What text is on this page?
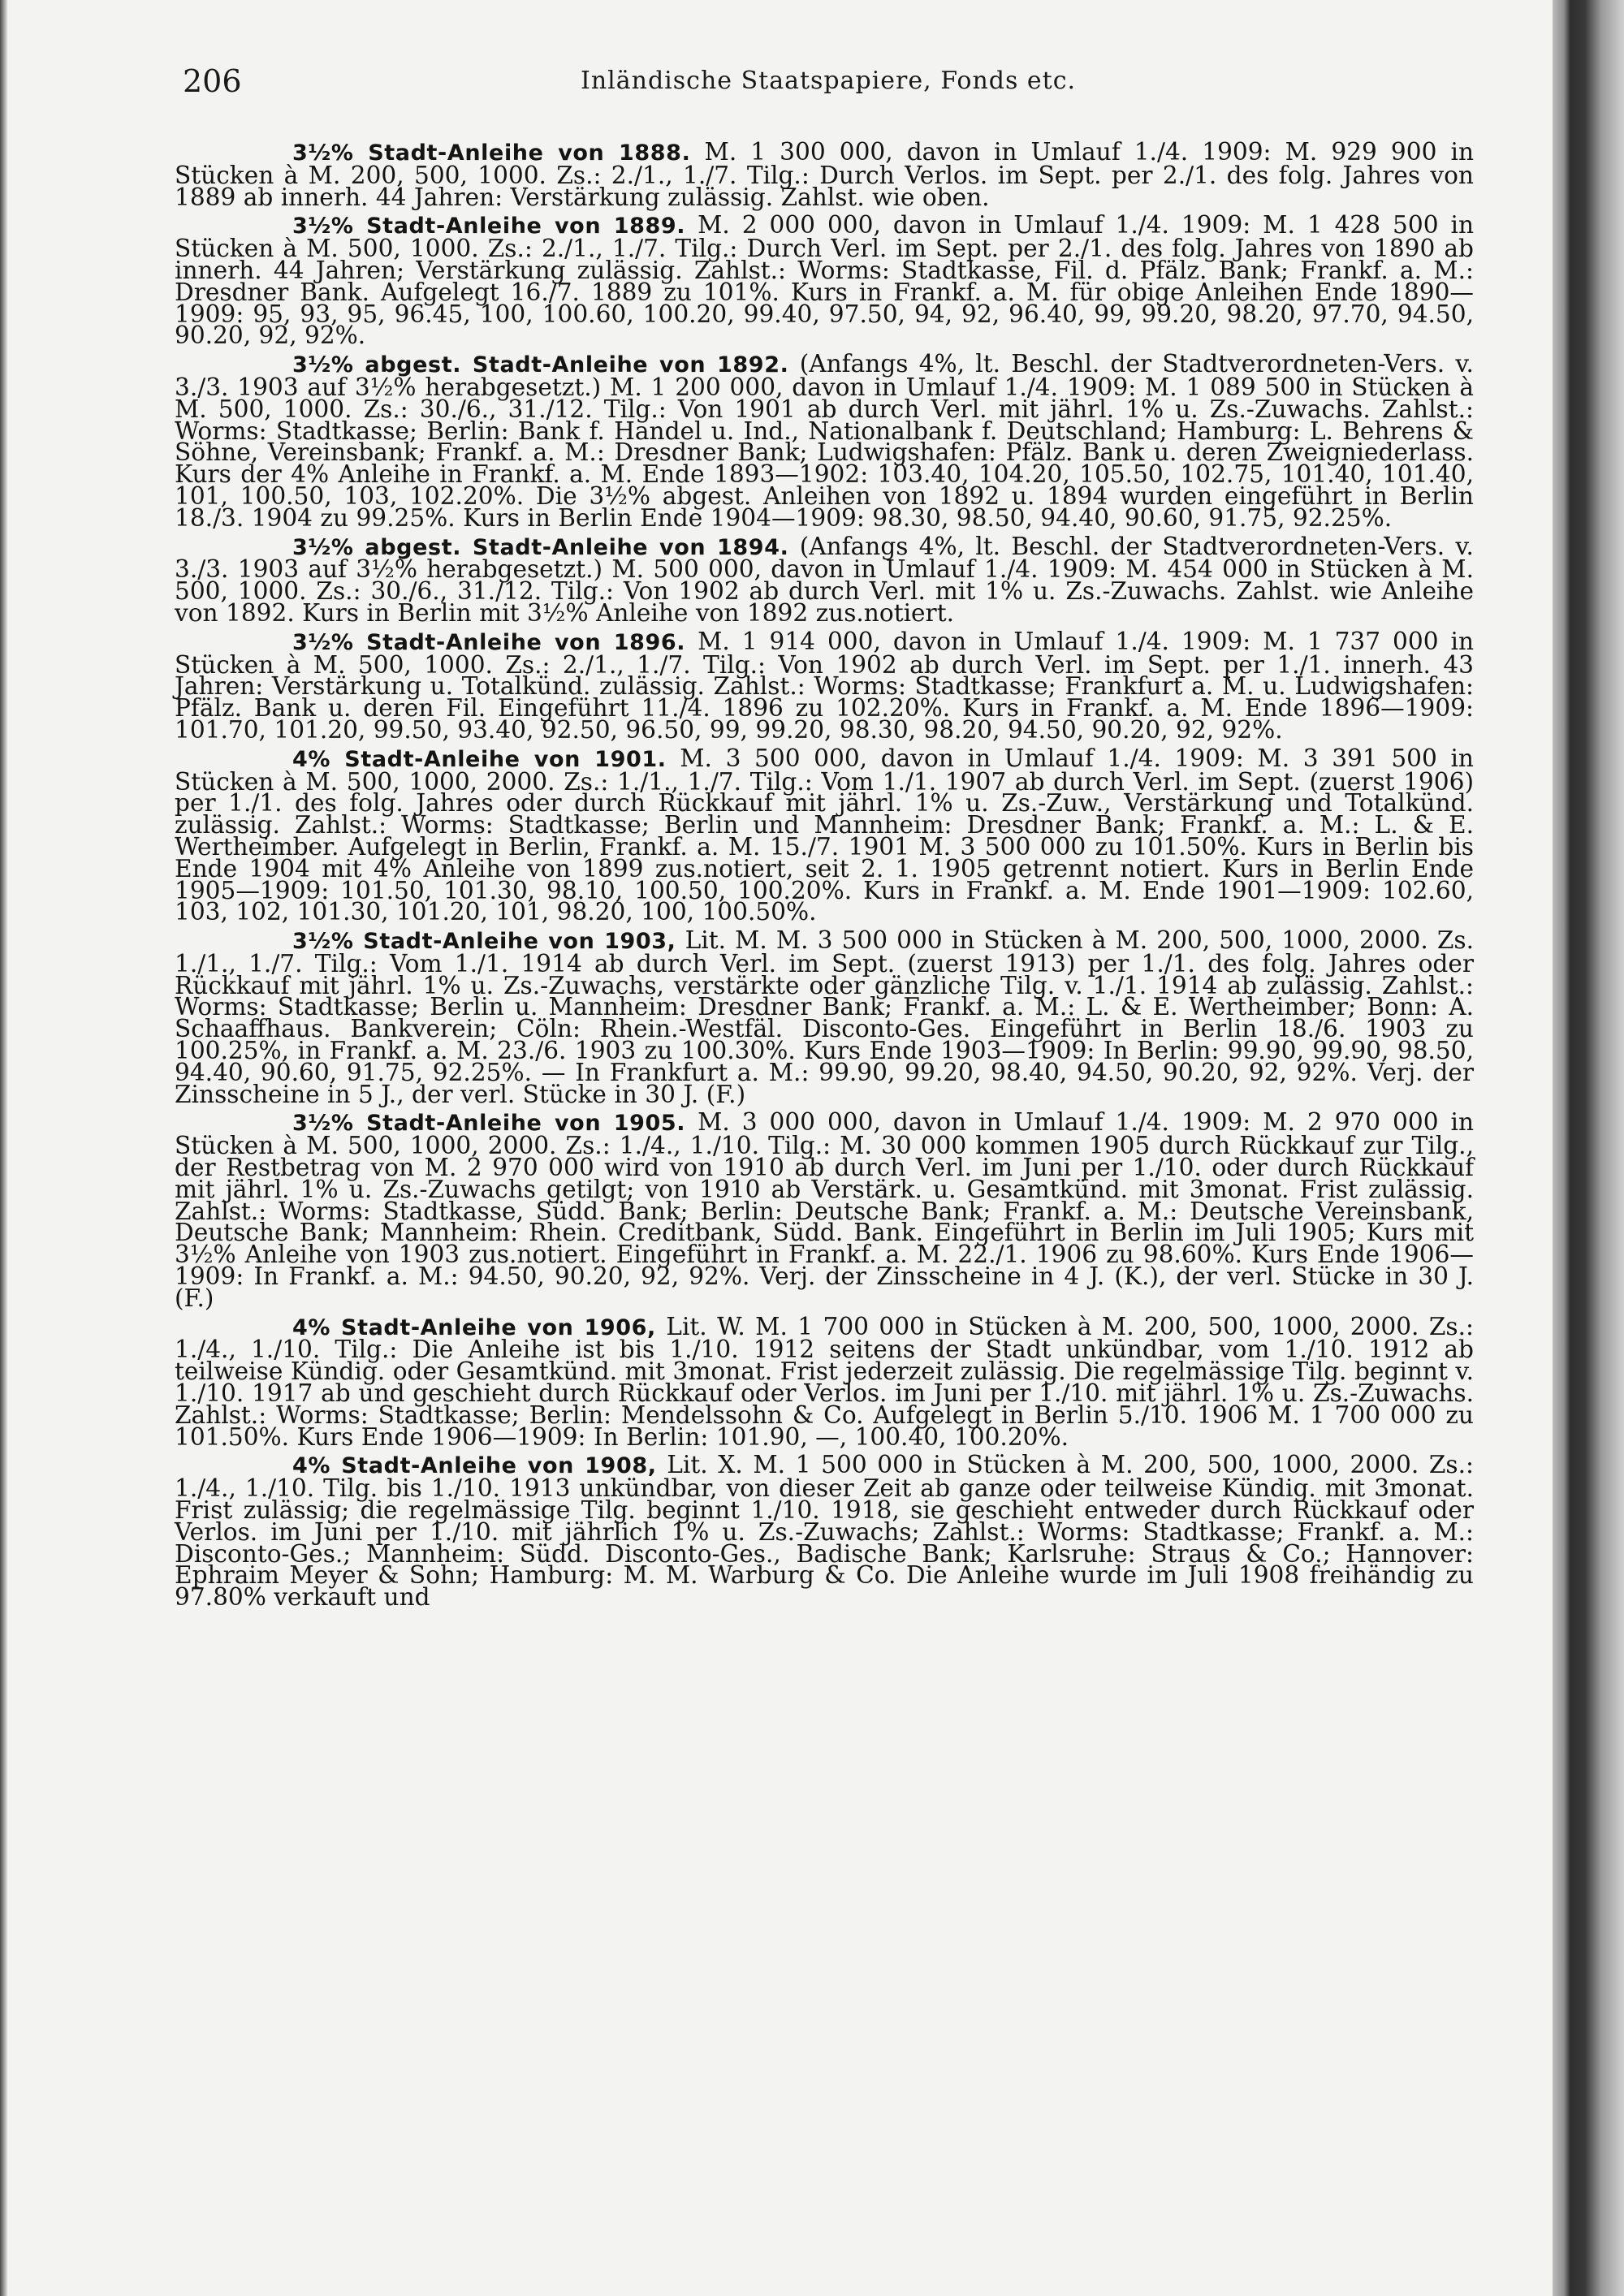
206	Inländische Staatspapiere, Fonds etc.

3½% Stadt-Anleihe von 1888. M. 1 300 000, davon in Umlauf 1./4. 1909: M. 929 900 in Stücken à M. 200, 500, 1000. Zs.: 2./1., 1./7. Tilg.: Durch Verlos. im Sept. per 2./1. des folg. Jahres von 1889 ab innerh. 44 Jahren: Verstärkung zulässig. Zahlst. wie oben.

3½% Stadt-Anleihe von 1889. M. 2 000 000, davon in Umlauf 1./4. 1909: M. 1 428 500 in Stücken à M. 500, 1000. Zs.: 2./1., 1./7. Tilg.: Durch Verl. im Sept. per 2./1. des folg. Jahres von 1890 ab innerh. 44 Jahren; Verstärkung zulässig. Zahlst.: Worms: Stadtkasse, Fil. d. Pfälz. Bank; Frankf. a. M.: Dresdner Bank. Aufgelegt 16./7. 1889 zu 101%. Kurs in Frankf. a. M. für obige Anleihen Ende 1890—1909: 95, 93, 95, 96.45, 100, 100.60, 100.20, 99.40, 97.50, 94, 92, 96.40, 99, 99.20, 98.20, 97.70, 94.50, 90.20, 92, 92%.

3½% abgest. Stadt-Anleihe von 1892. (Anfangs 4%, lt. Beschl. der Stadtverordneten-Vers. v. 3./3. 1903 auf 3½% herabgesetzt.) M. 1 200 000, davon in Umlauf 1./4. 1909: M. 1 089 500 in Stücken à M. 500, 1000. Zs.: 30./6., 31./12. Tilg.: Von 1901 ab durch Verl. mit jährl. 1% u. Zs.-Zuwachs. Zahlst.: Worms: Stadtkasse; Berlin: Bank f. Handel u. Ind., Nationalbank f. Deutschland; Hamburg: L. Behrens & Söhne, Vereinsbank; Frankf. a. M.: Dresdner Bank; Ludwigshafen: Pfälz. Bank u. deren Zweigniederlass. Kurs der 4% Anleihe in Frankf. a. M. Ende 1893—1902: 103.40, 104.20, 105.50, 102.75, 101.40, 101.40, 101, 100.50, 103, 102.20%. Die 3½% abgest. Anleihen von 1892 u. 1894 wurden eingeführt in Berlin 18./3. 1904 zu 99.25%. Kurs in Berlin Ende 1904—1909: 98.30, 98.50, 94.40, 90.60, 91.75, 92.25%.

3½% abgest. Stadt-Anleihe von 1894. (Anfangs 4%, lt. Beschl. der Stadtverordneten-Vers. v. 3./3. 1903 auf 3½% herabgesetzt.) M. 500 000, davon in Umlauf 1./4. 1909: M. 454 000 in Stücken à M. 500, 1000. Zs.: 30./6., 31./12. Tilg.: Von 1902 ab durch Verl. mit 1% u. Zs.-Zuwachs. Zahlst. wie Anleihe von 1892. Kurs in Berlin mit 3½% Anleihe von 1892 zus.notiert.

3½% Stadt-Anleihe von 1896. M. 1 914 000, davon in Umlauf 1./4. 1909: M. 1 737 000 in Stücken à M. 500, 1000. Zs.: 2./1., 1./7. Tilg.: Von 1902 ab durch Verl. im Sept. per 1./1. innerh. 43 Jahren: Verstärkung u. Totalkünd. zulässig. Zahlst.: Worms: Stadtkasse; Frankfurt a. M. u. Ludwigshafen: Pfälz. Bank u. deren Fil. Eingeführt 11./4. 1896 zu 102.20%. Kurs in Frankf. a. M. Ende 1896—1909: 101.70, 101.20, 99.50, 93.40, 92.50, 96.50, 99, 99.20, 98.30, 98.20, 94.50, 90.20, 92, 92%.

4% Stadt-Anleihe von 1901. M. 3 500 000, davon in Umlauf 1./4. 1909: M. 3 391 500 in Stücken à M. 500, 1000, 2000. Zs.: 1./1., 1./7. Tilg.: Vom 1./1. 1907 ab durch Verl. im Sept. (zuerst 1906) per 1./1. des folg. Jahres oder durch Rückkauf mit jährl. 1% u. Zs.-Zuw., Verstärkung und Totalkünd. zulässig. Zahlst.: Worms: Stadtkasse; Berlin und Mannheim: Dresdner Bank; Frankf. a. M.: L. & E. Wertheimber. Aufgelegt in Berlin, Frankf. a. M. 15./7. 1901 M. 3 500 000 zu 101.50%. Kurs in Berlin bis Ende 1904 mit 4% Anleihe von 1899 zus.notiert, seit 2. 1. 1905 getrennt notiert. Kurs in Berlin Ende 1905—1909: 101.50, 101.30, 98.10, 100.50, 100.20%. Kurs in Frankf. a. M. Ende 1901—1909: 102.60, 103, 102, 101.30, 101.20, 101, 98.20, 100, 100.50%.

3½% Stadt-Anleihe von 1903, Lit. M. M. 3 500 000 in Stücken à M. 200, 500, 1000, 2000. Zs. 1./1., 1./7. Tilg.: Vom 1./1. 1914 ab durch Verl. im Sept. (zuerst 1913) per 1./1. des folg. Jahres oder Rückkauf mit jährl. 1% u. Zs.-Zuwachs, verstärkte oder gänzliche Tilg. v. 1./1. 1914 ab zulässig. Zahlst.: Worms: Stadtkasse; Berlin u. Mannheim: Dresdner Bank; Frankf. a. M.: L. & E. Wertheimber; Bonn: A. Schaaffhaus. Bankverein; Cöln: Rhein.-Westfäl. Disconto-Ges. Eingeführt in Berlin 18./6. 1903 zu 100.25%, in Frankf. a. M. 23./6. 1903 zu 100.30%. Kurs Ende 1903—1909: In Berlin: 99.90, 99.90, 98.50, 94.40, 90.60, 91.75, 92.25%. — In Frankfurt a. M.: 99.90, 99.20, 98.40, 94.50, 90.20, 92, 92%. Verj. der Zinsscheine in 5 J., der verl. Stücke in 30 J. (F.)

3½% Stadt-Anleihe von 1905. M. 3 000 000, davon in Umlauf 1./4. 1909: M. 2 970 000 in Stücken à M. 500, 1000, 2000. Zs.: 1./4., 1./10. Tilg.: M. 30 000 kommen 1905 durch Rückkauf zur Tilg., der Restbetrag von M. 2 970 000 wird von 1910 ab durch Verl. im Juni per 1./10. oder durch Rückkauf mit jährl. 1% u. Zs.-Zuwachs getilgt; von 1910 ab Verstärk. u. Gesamtkünd. mit 3monat. Frist zulässig. Zahlst.: Worms: Stadtkasse, Südd. Bank; Berlin: Deutsche Bank; Frankf. a. M.: Deutsche Vereinsbank, Deutsche Bank; Mannheim: Rhein. Creditbank, Südd. Bank. Eingeführt in Berlin im Juli 1905; Kurs mit 3½% Anleihe von 1903 zus.notiert. Eingeführt in Frankf. a. M. 22./1. 1906 zu 98.60%. Kurs Ende 1906—1909: In Frankf. a. M.: 94.50, 90.20, 92, 92%. Verj. der Zinsscheine in 4 J. (K.), der verl. Stücke in 30 J. (F.)

4% Stadt-Anleihe von 1906, Lit. W. M. 1 700 000 in Stücken à M. 200, 500, 1000, 2000. Zs.: 1./4., 1./10. Tilg.: Die Anleihe ist bis 1./10. 1912 seitens der Stadt unkündbar, vom 1./10. 1912 ab teilweise Kündig. oder Gesamtkünd. mit 3monat. Frist jederzeit zulässig. Die regelmässige Tilg. beginnt v. 1./10. 1917 ab und geschieht durch Rückkauf oder Verlos. im Juni per 1./10. mit jährl. 1% u. Zs.-Zuwachs. Zahlst.: Worms: Stadtkasse; Berlin: Mendelssohn & Co. Aufgelegt in Berlin 5./10. 1906 M. 1 700 000 zu 101.50%. Kurs Ende 1906—1909: In Berlin: 101.90, —, 100.40, 100.20%.

4% Stadt-Anleihe von 1908, Lit. X. M. 1 500 000 in Stücken à M. 200, 500, 1000, 2000. Zs.: 1./4., 1./10. Tilg. bis 1./10. 1913 unkündbar, von dieser Zeit ab ganze oder teilweise Kündig. mit 3monat. Frist zulässig; die regelmässige Tilg. beginnt 1./10. 1918, sie geschieht entweder durch Rückkauf oder Verlos. im Juni per 1./10. mit jährlich 1% u. Zs.-Zuwachs; Zahlst.: Worms: Stadtkasse; Frankf. a. M.: Disconto-Ges.; Mannheim: Südd. Disconto-Ges., Badische Bank; Karlsruhe: Straus & Co.; Hannover: Ephraim Meyer & Sohn; Hamburg: M. M. Warburg & Co. Die Anleihe wurde im Juli 1908 freihändig zu 97.80% verkauft und
